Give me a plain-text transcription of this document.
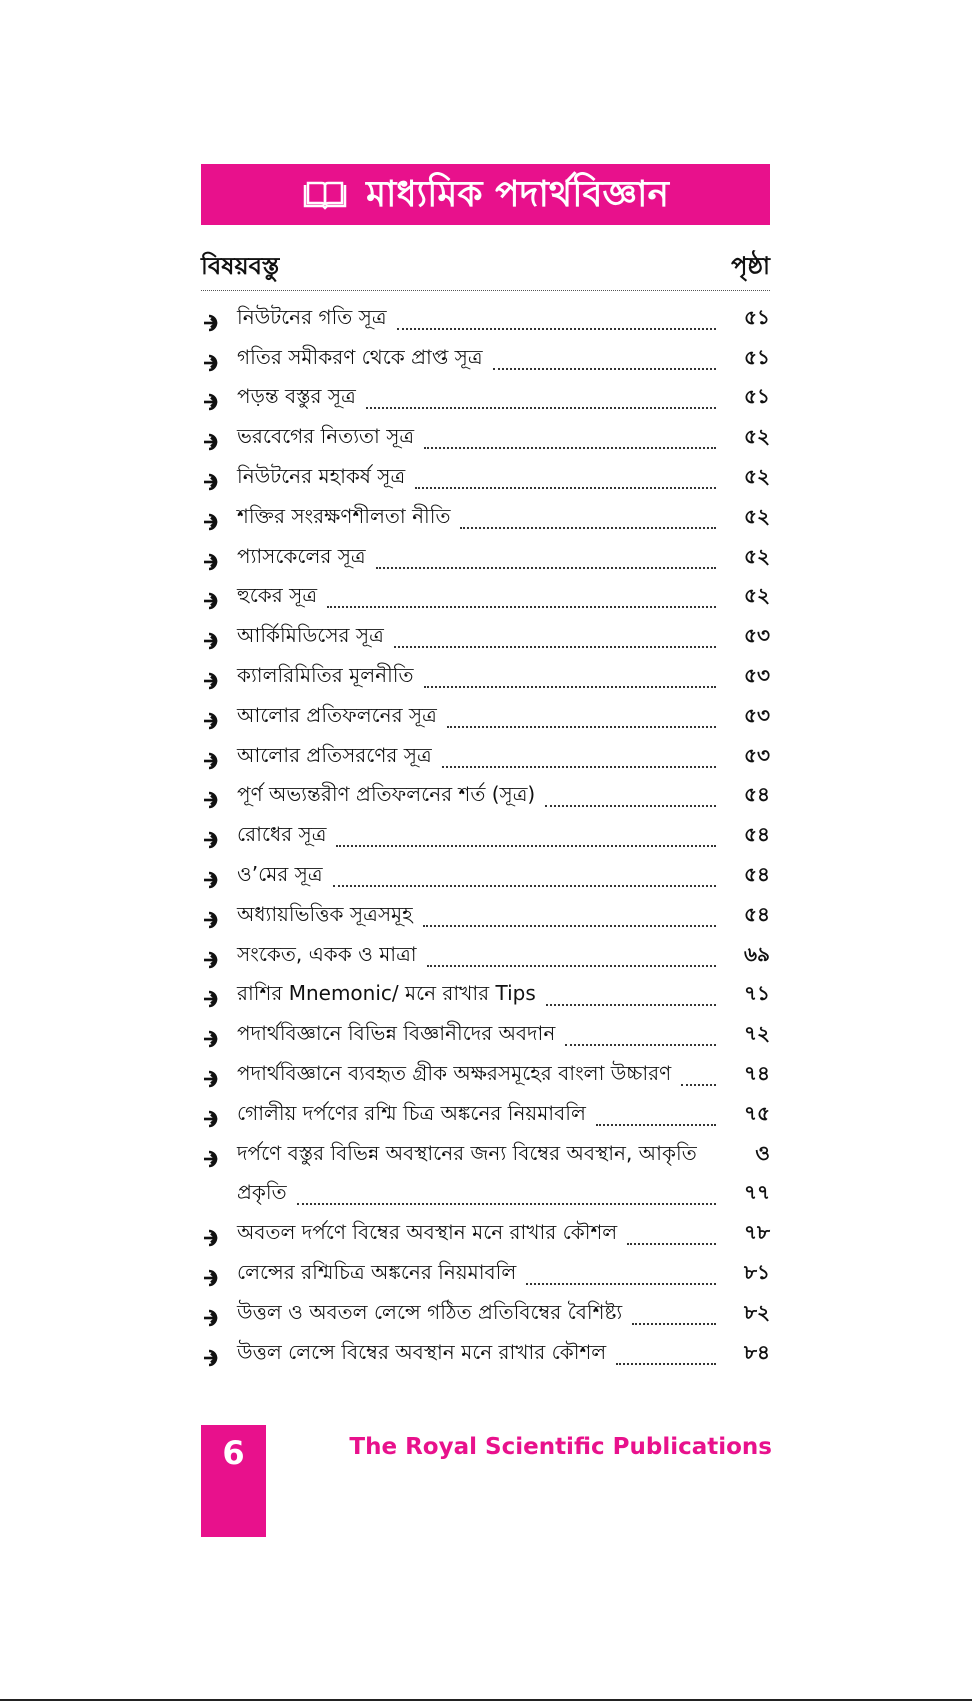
মাধ্যমিক পদার্থবিজ্ঞান
বিষয়বস্তু	পৃষ্ঠা
নিউটনের গতি সূত্র	৫১
গতির সমীকরণ থেকে প্রাপ্ত সূত্র	৫১
পড়ন্ত বস্তুর সূত্র	৫১
ভরবেগের নিত্যতা সূত্র	৫২
নিউটনের মহাকর্ষ সূত্র	৫২
শক্তির সংরক্ষণশীলতা নীতি	৫২
প্যাসকেলের সূত্র	৫২
হুকের সূত্র	৫২
আর্কিমিডিসের সূত্র	৫৩
ক্যালরিমিতির মূলনীতি	৫৩
আলোর প্রতিফলনের সূত্র	৫৩
আলোর প্রতিসরণের সূত্র	৫৩
পূর্ণ অভ্যন্তরীণ প্রতিফলনের শর্ত (সূত্র)	৫৪
রোধের সূত্র	৫৪
ও’মের সূত্র	৫৪
অধ্যায়ভিত্তিক সূত্রসমূহ	৫৪
সংকেত, একক ও মাত্রা	৬৯
রাশির Mnemonic/ মনে রাখার Tips	৭১
পদার্থবিজ্ঞানে বিভিন্ন বিজ্ঞানীদের অবদান	৭২
পদার্থবিজ্ঞানে ব্যবহৃত গ্রীক অক্ষরসমূহের বাংলা উচ্চারণ	৭৪
গোলীয় দর্পণের রশ্মি চিত্র অঙ্কনের নিয়মাবলি	৭৫
দর্পণে বস্তুর বিভিন্ন অবস্থানের জন্য বিম্বের অবস্থান, আকৃতি	ও
প্রকৃতি	৭৭
অবতল দর্পণে বিম্বের অবস্থান মনে রাখার কৌশল	৭৮
লেন্সের রশ্মিচিত্র অঙ্কনের নিয়মাবলি	৮১
উত্তল ও অবতল লেন্সে গঠিত প্রতিবিম্বের বৈশিষ্ট্য	৮২
উত্তল লেন্সে বিম্বের অবস্থান মনে রাখার কৌশল	৮৪
6	The Royal Scientific Publications
